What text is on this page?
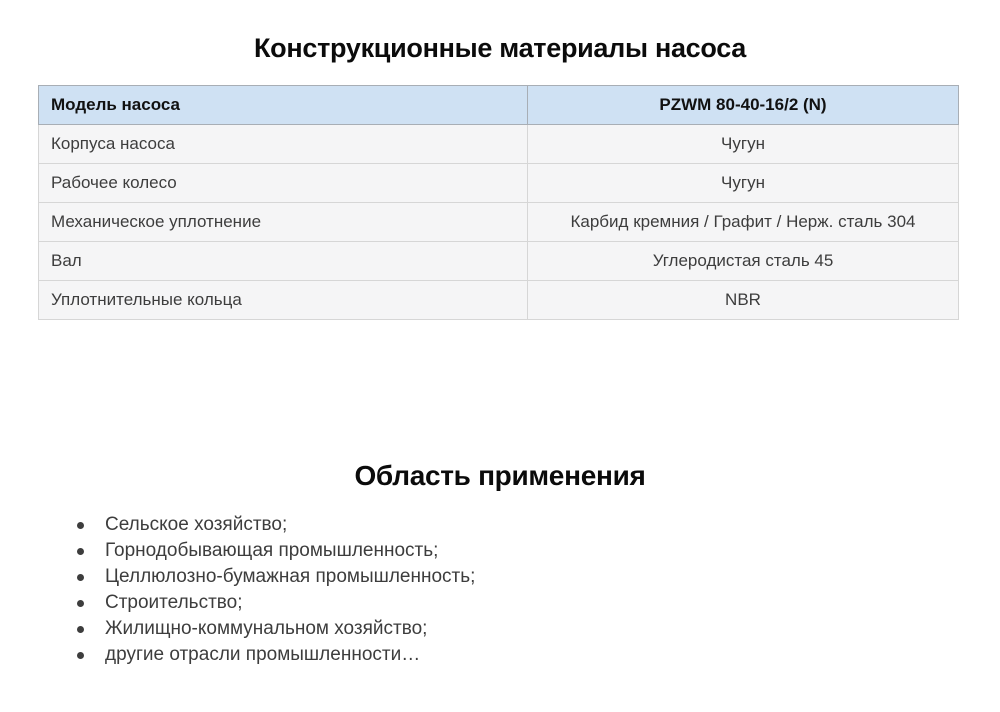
Конструкционные материалы насоса
Модель насоса	PZWM 80-40-16/2 (N)
Корпуса насоса	Чугун
Рабочее колесо	Чугун
Механическое уплотнение	Карбид кремния / Графит / Нерж. сталь 304
Вал	Углеродистая сталь 45
Уплотнительные кольца	NBR
Область применения
Сельское хозяйство;
Горнодобывающая промышленность;
Целлюлозно-бумажная промышленность;
Строительство;
Жилищно-коммунальном хозяйство;
другие отрасли промышленности…
